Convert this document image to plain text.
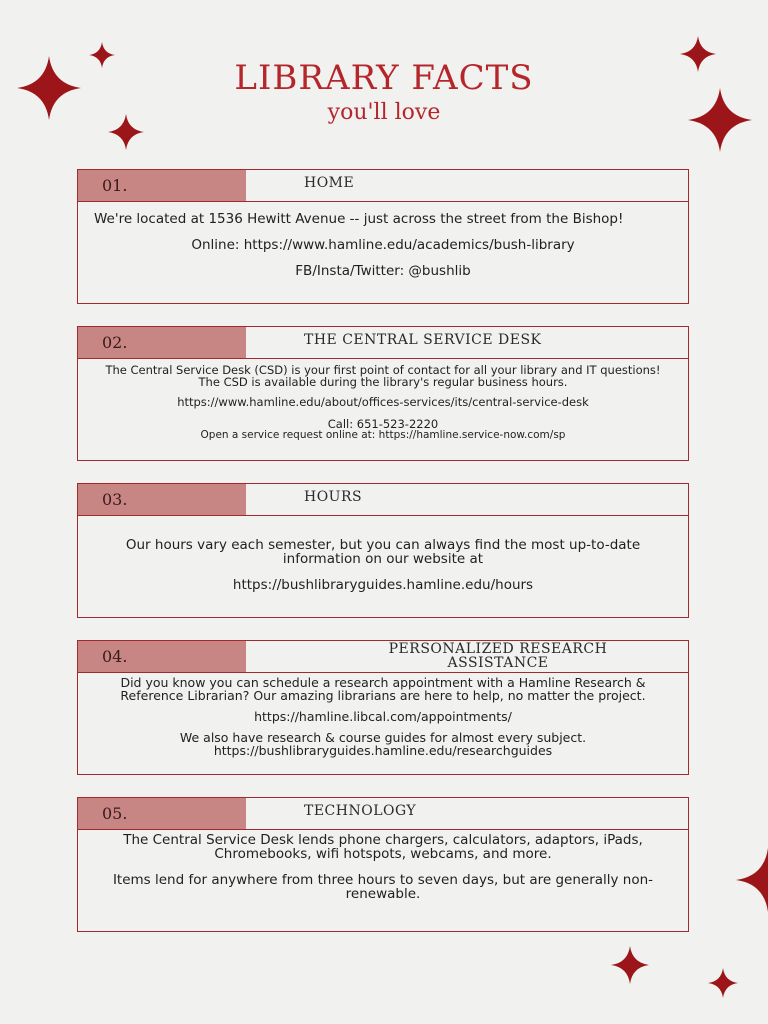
LIBRARY FACTS
you'll love
01.	HOME

We're located at 1536 Hewitt Avenue -- just across the street from the Bishop!

Online: https://www.hamline.edu/academics/bush-library

FB/Insta/Twitter: @bushlib

02.	THE CENTRAL SERVICE DESK

The Central Service Desk (CSD) is your first point of contact for all your library and IT questions! The CSD is available during the library's regular business hours.

https://www.hamline.edu/about/offices-services/its/central-service-desk

Call: 651-523-2220

Open a service request online at: https://hamline.service-now.com/sp

03.	HOURS

Our hours vary each semester, but you can always find the most up-to-date information on our website at

https://bushlibraryguides.hamline.edu/hours

04.	PERSONALIZED RESEARCH ASSISTANCE

Did you know you can schedule a research appointment with a Hamline Research & Reference Librarian? Our amazing librarians are here to help, no matter the project.

https://hamline.libcal.com/appointments/

We also have research & course guides for almost every subject.

https://bushlibraryguides.hamline.edu/researchguides

05.	TECHNOLOGY

The Central Service Desk lends phone chargers, calculators, adaptors, iPads, Chromebooks, wifi hotspots, webcams, and more.

Items lend for anywhere from three hours to seven days, but are generally non-renewable.
